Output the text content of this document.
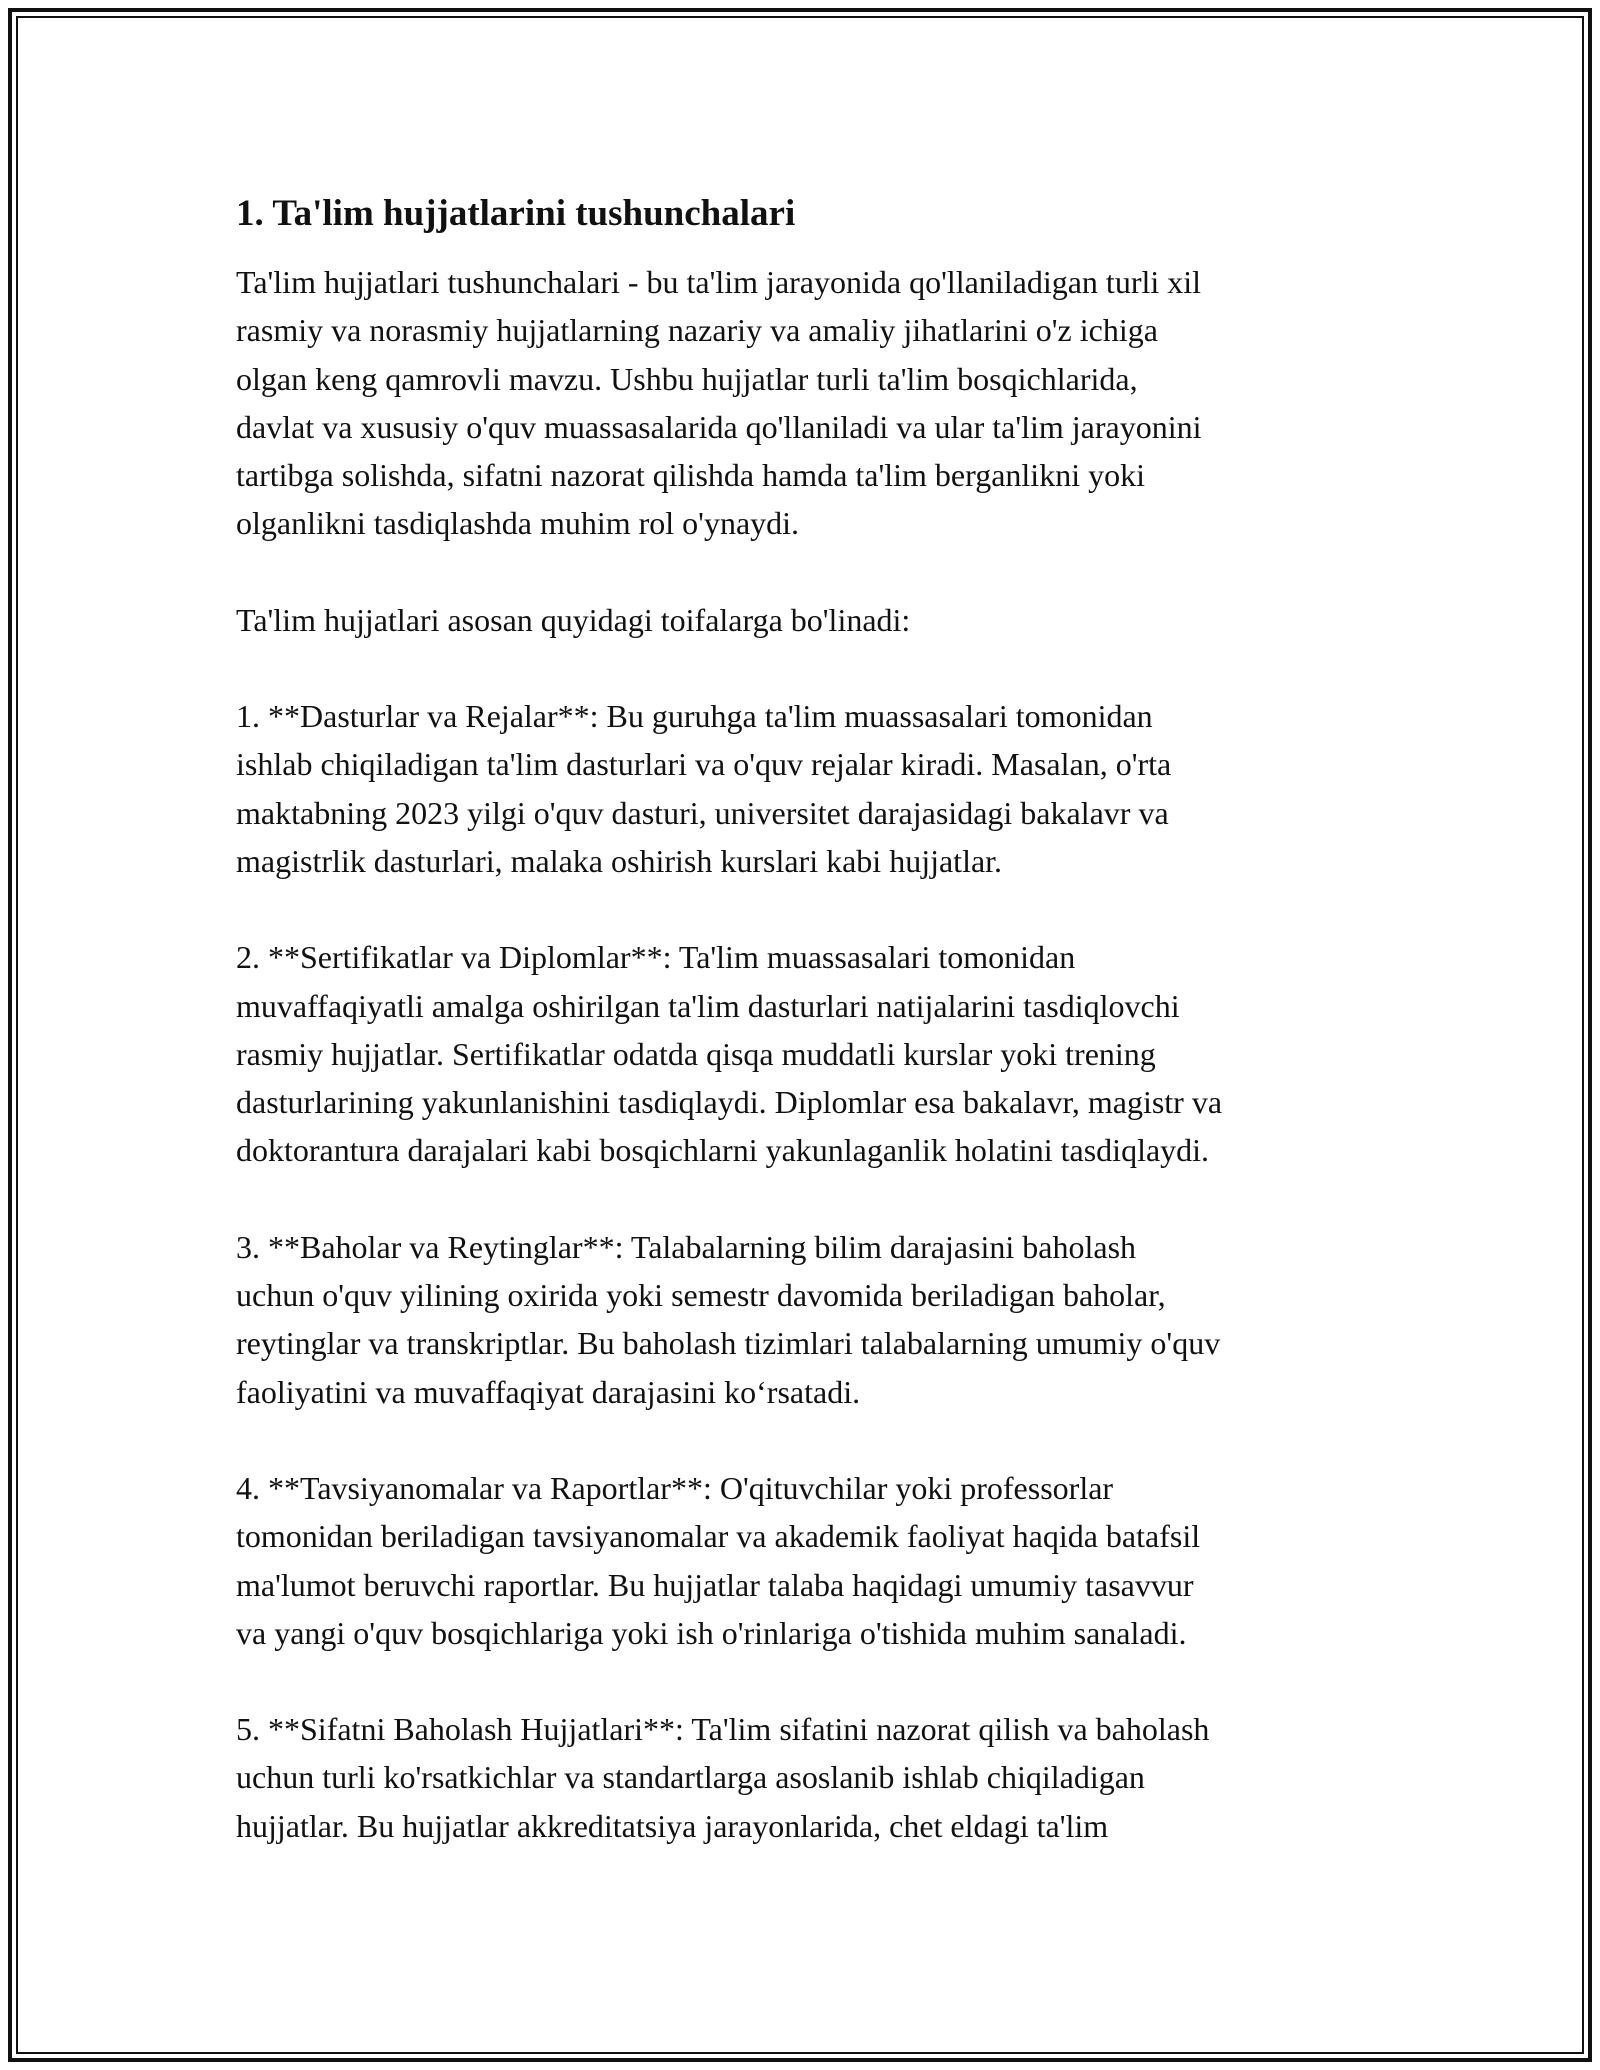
1. Ta'lim hujjatlarini tushunchalari

Ta'lim hujjatlari tushunchalari - bu ta'lim jarayonida qo'llaniladigan turli xil
rasmiy va norasmiy hujjatlarning nazariy va amaliy jihatlarini o'z ichiga
olgan keng qamrovli mavzu. Ushbu hujjatlar turli ta'lim bosqichlarida,
davlat va xususiy o'quv muassasalarida qo'llaniladi va ular ta'lim jarayonini
tartibga solishda, sifatni nazorat qilishda hamda ta'lim berganlikni yoki
olganlikni tasdiqlashda muhim rol o'ynaydi.

Ta'lim hujjatlari asosan quyidagi toifalarga bo'linadi:

1. **Dasturlar va Rejalar**: Bu guruhga ta'lim muassasalari tomonidan
ishlab chiqiladigan ta'lim dasturlari va o'quv rejalar kiradi. Masalan, o'rta
maktabning 2023 yilgi o'quv dasturi, universitet darajasidagi bakalavr va
magistrlik dasturlari, malaka oshirish kurslari kabi hujjatlar.

2. **Sertifikatlar va Diplomlar**: Ta'lim muassasalari tomonidan
muvaffaqiyatli amalga oshirilgan ta'lim dasturlari natijalarini tasdiqlovchi
rasmiy hujjatlar. Sertifikatlar odatda qisqa muddatli kurslar yoki trening
dasturlarining yakunlanishini tasdiqlaydi. Diplomlar esa bakalavr, magistr va
doktorantura darajalari kabi bosqichlarni yakunlaganlik holatini tasdiqlaydi.

3. **Baholar va Reytinglar**: Talabalarning bilim darajasini baholash
uchun o'quv yilining oxirida yoki semestr davomida beriladigan baholar,
reytinglar va transkriptlar. Bu baholash tizimlari talabalarning umumiy o'quv
faoliyatini va muvaffaqiyat darajasini ko‘rsatadi.

4. **Tavsiyanomalar va Raportlar**: O'qituvchilar yoki professorlar
tomonidan beriladigan tavsiyanomalar va akademik faoliyat haqida batafsil
ma'lumot beruvchi raportlar. Bu hujjatlar talaba haqidagi umumiy tasavvur
va yangi o'quv bosqichlariga yoki ish o'rinlariga o'tishida muhim sanaladi.

5. **Sifatni Baholash Hujjatlari**: Ta'lim sifatini nazorat qilish va baholash
uchun turli ko'rsatkichlar va standartlarga asoslanib ishlab chiqiladigan
hujjatlar. Bu hujjatlar akkreditatsiya jarayonlarida, chet eldagi ta'lim
